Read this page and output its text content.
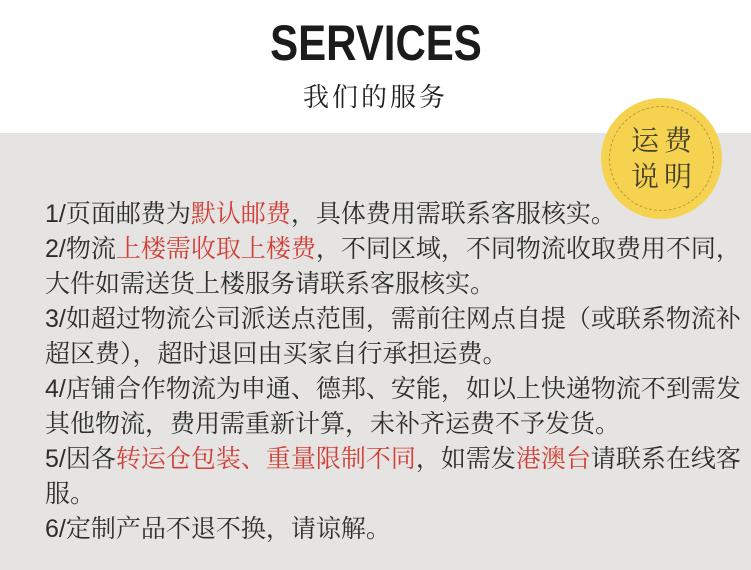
SERVICES
我们的服务
运费
说明

1/页面邮费为默认邮费，具体费用需联系客服核实。

2/物流上楼需收取上楼费，不同区域，不同物流收取费用不同，
大件如需送货上楼服务请联系客服核实。

3/如超过物流公司派送点范围，需前往网点自提（或联系物流补
超区费），超时退回由买家自行承担运费。

4/店铺合作物流为申通、德邦、安能，如以上快递物流不到需发
其他物流，费用需重新计算，未补齐运费不予发货。

5/因各转运仓包装、重量限制不同，如需发港澳台请联系在线客
服。

6/定制产品不退不换，请谅解。
